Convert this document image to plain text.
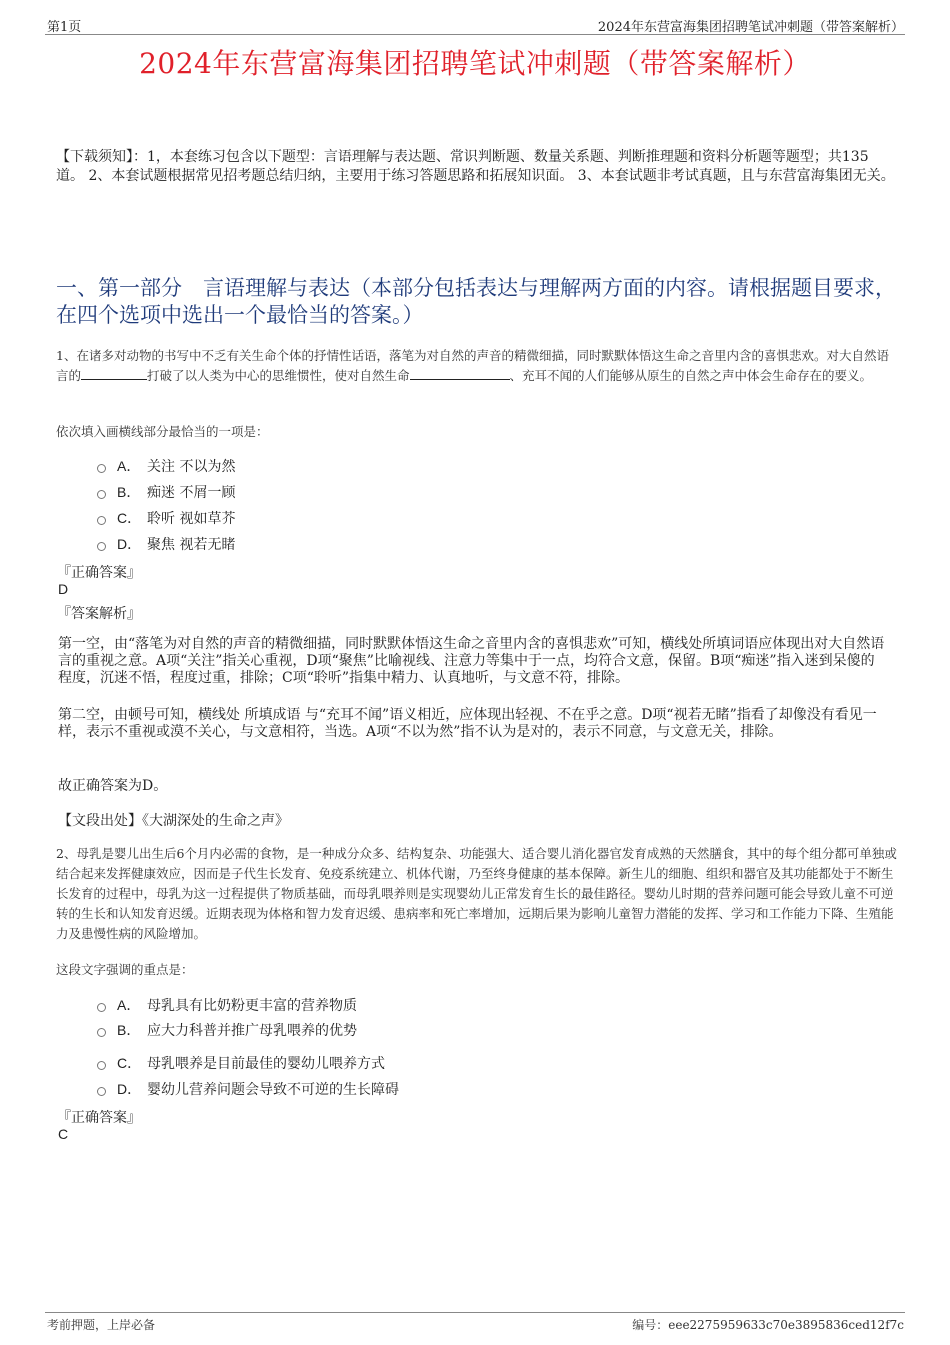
第1页	2024年东营富海集团招聘笔试冲刺题（带答案解析）
2024年东营富海集团招聘笔试冲刺题（带答案解析）
【下载须知】：1，本套练习包含以下题型：言语理解与表达题、常识判断题、数量关系题、判断推理题和资料分析题等题型；共135道。 2、本套试题根据常见招考题总结归纳，主要用于练习答题思路和拓展知识面。 3、本套试题非考试真题，且与东营富海集团无关。
一、第一部分　言语理解与表达（本部分包括表达与理解两方面的内容。请根据题目要求，在四个选项中选出一个最恰当的答案。）
1、在诸多对动物的书写中不乏有关生命个体的抒情性话语，落笔为对自然的声音的精微细描，同时默默体悟这生命之音里内含的喜惧悲欢。对大自然语言的	打破了以人类为中心的思维惯性，使对自然生命	、充耳不闻的人们能够从原生的自然之声中体会生命存在的要义。
依次填入画横线部分最恰当的一项是：
A． 关注 不以为然
B． 痴迷 不屑一顾
C． 聆听 视如草芥
D． 聚焦 视若无睹
『正确答案』
D
『答案解析』
第一空，由“落笔为对自然的声音的精微细描，同时默默体悟这生命之音里内含的喜惧悲欢”可知，横线处所填词语应体现出对大自然语言的重视之意。A项“关注”指关心重视，D项“聚焦”比喻视线、注意力等集中于一点，均符合文意，保留。B项“痴迷”指入迷到呆傻的程度，沉迷不悟，程度过重，排除；C项“聆听”指集中精力、认真地听，与文意不符，排除。
第二空，由顿号可知，横线处 所填成语 与“充耳不闻”语义相近，应体现出轻视、不在乎之意。D项“视若无睹”指看了却像没有看见一样，表示不重视或漠不关心，与文意相符，当选。A项“不以为然”指不认为是对的，表示不同意，与文意无关，排除。
故正确答案为D。
【文段出处】《大湖深处的生命之声》
2、母乳是婴儿出生后6个月内必需的食物，是一种成分众多、结构复杂、功能强大、适合婴儿消化器官发育成熟的天然膳食，其中的每个组分都可单独或结合起来发挥健康效应，因而是子代生长发育、免疫系统建立、机体代谢，乃至终身健康的基本保障。新生儿的细胞、组织和器官及其功能都处于不断生长发育的过程中，母乳为这一过程提供了物质基础，而母乳喂养则是实现婴幼儿正常发育生长的最佳路径。婴幼儿时期的营养问题可能会导致儿童不可逆转的生长和认知发育迟缓。近期表现为体格和智力发育迟缓、患病率和死亡率增加，远期后果为影响儿童智力潜能的发挥、学习和工作能力下降、生殖能力及患慢性病的风险增加。
这段文字强调的重点是：
A． 母乳具有比奶粉更丰富的营养物质
B． 应大力科普并推广母乳喂养的优势
C． 母乳喂养是目前最佳的婴幼儿喂养方式
D． 婴幼儿营养问题会导致不可逆的生长障碍
『正确答案』
C
考前押题，上岸必备	编号：eee2275959633c70e3895836ced12f7c
